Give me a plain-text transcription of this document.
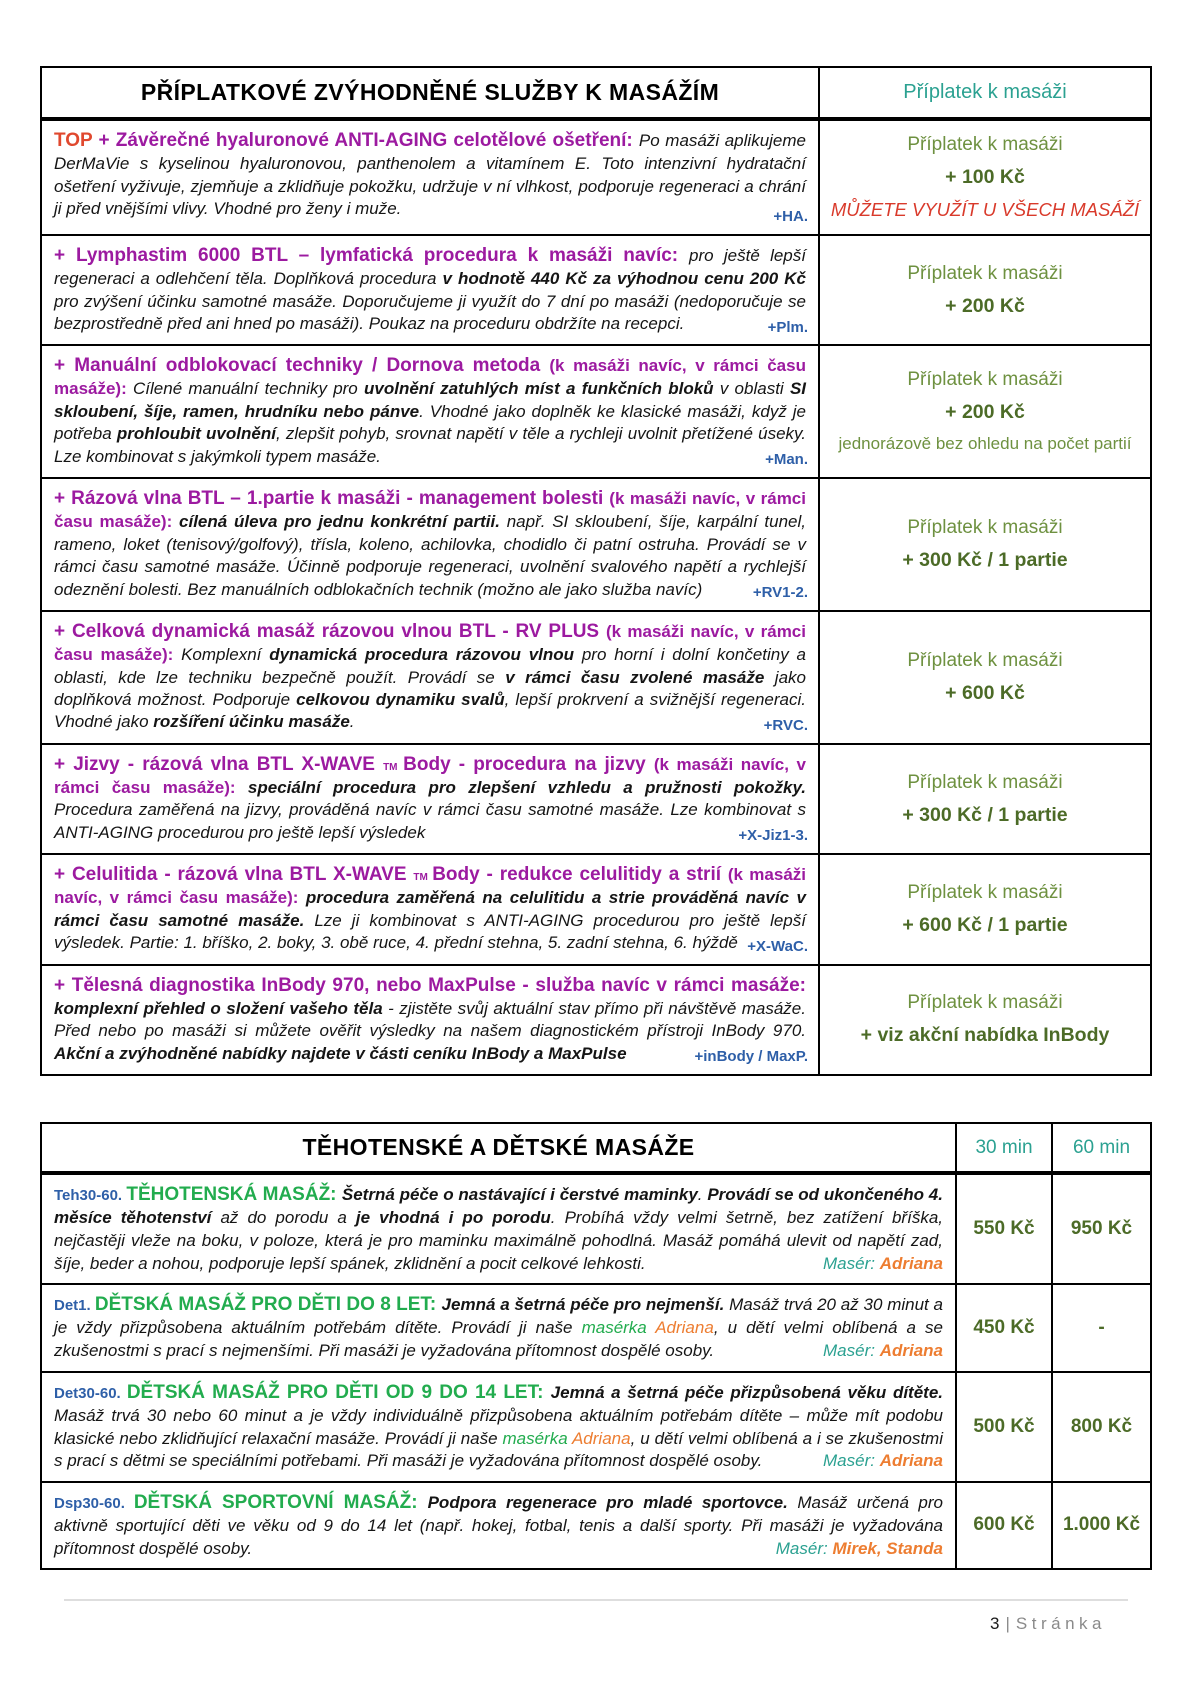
PŘÍPLATKOVÉ ZVÝHODNĚNÉ SLUŽBY K MASÁŽÍM	Příplatek k masáži
TOP + Závěrečné hyaluronové ANTI-AGING celotělové ošetření: Po masáži aplikujeme DerMaVie s kyselinou hyaluronovou, panthenolem a vitamínem E. Toto intenzivní hydratační ošetření vyživuje, zjemňuje a zklidňuje pokožku, udržuje v ní vlhkost, podporuje regeneraci a chrání ji před vnějšími vlivy. Vhodné pro ženy i muže.	+HA.
Příplatek k masáži
+ 100 Kč
MŮŽETE VYUŽÍT U VŠECH MASÁŽÍ
+ Lymphastim 6000 BTL – lymfatická procedura k masáži navíc: pro ještě lepší regeneraci a odlehčení těla. Doplňková procedura v hodnotě 440 Kč za výhodnou cenu 200 Kč pro zvýšení účinku samotné masáže. Doporučujeme ji využít do 7 dní po masáži (nedoporučuje se bezprostředně před ani hned po masáži). Poukaz na proceduru obdržíte na recepci.	+Plm.
Příplatek k masáži
+ 200 Kč
+ Manuální odblokovací techniky / Dornova metoda (k masáži navíc, v rámci času masáže): Cílené manuální techniky pro uvolnění zatuhlých míst a funkčních bloků v oblasti SI skloubení, šíje, ramen, hrudníku nebo pánve. Vhodné jako doplněk ke klasické masáži, když je potřeba prohloubit uvolnění, zlepšit pohyb, srovnat napětí v těle a rychleji uvolnit přetížené úseky. Lze kombinovat s jakýmkoli typem masáže.	+Man.
Příplatek k masáži
+ 200 Kč
jednorázově bez ohledu na počet partií
+ Rázová vlna BTL – 1.partie k masáži - management bolesti (k masáži navíc, v rámci času masáže): cílená úleva pro jednu konkrétní partii. např. SI skloubení, šíje, karpální tunel, rameno, loket (tenisový/golfový), třísla, koleno, achilovka, chodidlo či patní ostruha. Provádí se v rámci času samotné masáže. Účinně podporuje regeneraci, uvolnění svalového napětí a rychlejší odeznění bolesti. Bez manuálních odblokačních technik (možno ale jako služba navíc)	+RV1-2.
Příplatek k masáži
+ 300 Kč / 1 partie
+ Celková dynamická masáž rázovou vlnou BTL - RV PLUS (k masáži navíc, v rámci času masáže): Komplexní dynamická procedura rázovou vlnou pro horní i dolní končetiny a oblasti, kde lze techniku bezpečně použít. Provádí se v rámci času zvolené masáže jako doplňková možnost. Podporuje celkovou dynamiku svalů, lepší prokrvení a svižnější regeneraci. Vhodné jako rozšíření účinku masáže.	+RVC.
Příplatek k masáži
+ 600 Kč
+ Jizvy - rázová vlna BTL X-WAVE TM Body - procedura na jizvy (k masáži navíc, v rámci času masáže): speciální procedura pro zlepšení vzhledu a pružnosti pokožky. Procedura zaměřená na jizvy, prováděná navíc v rámci času samotné masáže. Lze kombinovat s ANTI-AGING procedurou pro ještě lepší výsledek	+X-Jiz1-3.
Příplatek k masáži
+ 300 Kč / 1 partie
+ Celulitida - rázová vlna BTL X-WAVE TM Body - redukce celulitidy a strií (k masáži navíc, v rámci času masáže): procedura zaměřená na celulitidu a strie prováděná navíc v rámci času samotné masáže. Lze ji kombinovat s ANTI-AGING procedurou pro ještě lepší výsledek. Partie: 1. bříško, 2. boky, 3. obě ruce, 4. přední stehna, 5. zadní stehna, 6. hýždě +X-WaC.
Příplatek k masáži
+ 600 Kč / 1 partie
+ Tělesná diagnostika InBody 970, nebo MaxPulse - služba navíc v rámci masáže: komplexní přehled o složení vašeho těla - zjistěte svůj aktuální stav přímo při návštěvě masáže. Před nebo po masáži si můžete ověřit výsledky na našem diagnostickém přístroji InBody 970. Akční a zvýhodněné nabídky najdete v části ceníku InBody a MaxPulse	+inBody / MaxP.
Příplatek k masáži
+ viz akční nabídka InBody
TĚHOTENSKÉ A DĚTSKÉ MASÁŽE	30 min	60 min
Teh30-60. TĚHOTENSKÁ MASÁŽ: Šetrná péče o nastávající i čerstvé maminky. Provádí se od ukončeného 4. měsíce těhotenství až do porodu a je vhodná i po porodu. Probíhá vždy velmi šetrně, bez zatížení bříška, nejčastěji vleže na boku, v poloze, která je pro maminku maximálně pohodlná. Masáž pomáhá ulevit od napětí zad, šíje, beder a nohou, podporuje lepší spánek, zklidnění a pocit celkové lehkosti.	Masér: Adriana
550 Kč	950 Kč
Det1. DĚTSKÁ MASÁŽ PRO DĚTI DO 8 LET: Jemná a šetrná péče pro nejmenší. Masáž trvá 20 až 30 minut a je vždy přizpůsobena aktuálním potřebám dítěte. Provádí ji naše masérka Adriana, u dětí velmi oblíbená a se zkušenostmi s prací s nejmenšími. Při masáži je vyžadována přítomnost dospělé osoby.	Masér: Adriana
450 Kč	-
Det30-60. DĚTSKÁ MASÁŽ PRO DĚTI OD 9 DO 14 LET: Jemná a šetrná péče přizpůsobená věku dítěte. Masáž trvá 30 nebo 60 minut a je vždy individuálně přizpůsobena aktuálním potřebám dítěte – může mít podobu klasické nebo zklidňující relaxační masáže. Provádí ji naše masérka Adriana, u dětí velmi oblíbená a i se zkušenostmi s prací s dětmi se speciálními potřebami. Při masáži je vyžadována přítomnost dospělé osoby.	Masér: Adriana
500 Kč	800 Kč
Dsp30-60. DĚTSKÁ SPORTOVNÍ MASÁŽ: Podpora regenerace pro mladé sportovce. Masáž určená pro aktivně sportující děti ve věku od 9 do 14 let (např. hokej, fotbal, tenis a další sporty. Při masáži je vyžadována přítomnost dospělé osoby.	Masér: Mirek, Standa
600 Kč	1.000 Kč
3 | Stránka
